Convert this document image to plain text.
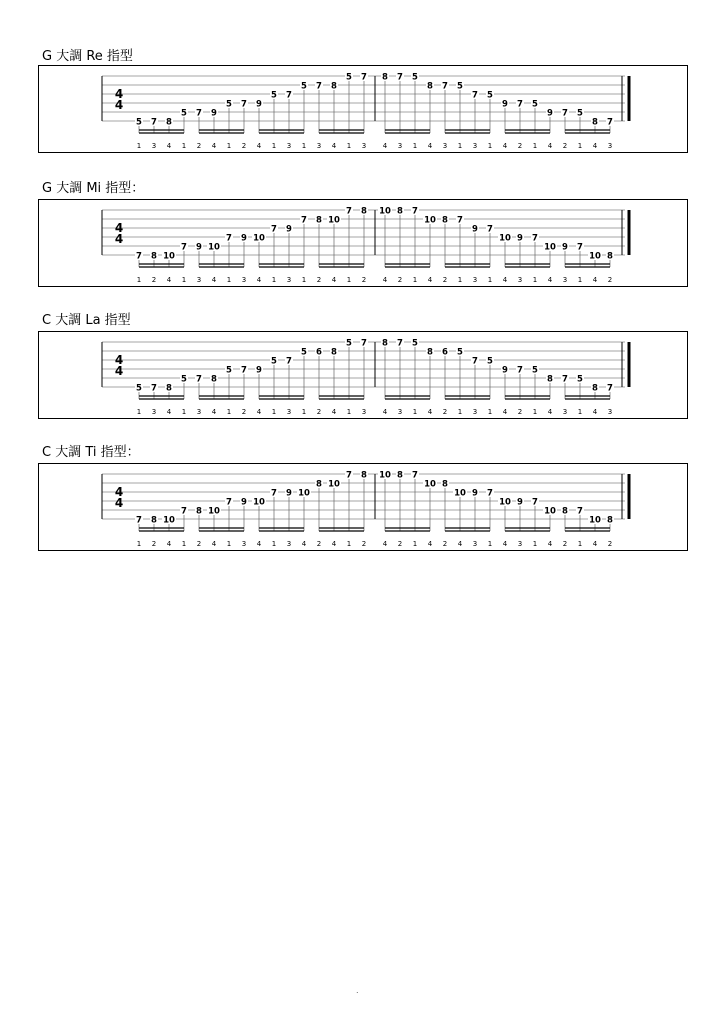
G 大調 Re 指型
4
4
5 7 8
5 7 9
5 7 9
5 7
5 7 8
5 7 8 7 5
8 7 5
7 5
9 7 5
9 7 5
8 7
1 3 4 1 2 4 1 2 4 1 3 1 3 4 1 3 4 3 1 4 3 1 3 1 4 2 1 4 2 1 4 3
G 大調 Mi 指型：
4
4
7 8 10
7 9 10
7 9 10
7 9
7 8 10
7 8 10 8 7
10 8 7
9 7
10 9 7
10 9 7
10 8
1 2 4 1 3 4 1 3 4 1 3 1 2 4 1 2 4 2 1 4 2 1 3 1 4 3 1 4 3 1 4 2
C 大調 La 指型
4
4
5 7 8
5 7 8
5 7 9
5 7
5 6 8
5 7 8 7 5
8 6 5
7 5
9 7 5
8 7 5
8 7
1 3 4 1 3 4 1 2 4 1 3 1 2 4 1 3 4 3 1 4 2 1 3 1 4 2 1 4 3 1 4 3
C 大調 Ti 指型：
4
4
7 8 10
7 8 10
7 9 10
7 9 10
8 10
7 8 10 8 7
10 8
10 9 7
10 9 7
10 8 7
10 8
1 2 4 1 2 4 1 3 4 1 3 4 2 4 1 2 4 2 1 4 2 4 3 1 4 3 1 4 2 1 4 2
.
